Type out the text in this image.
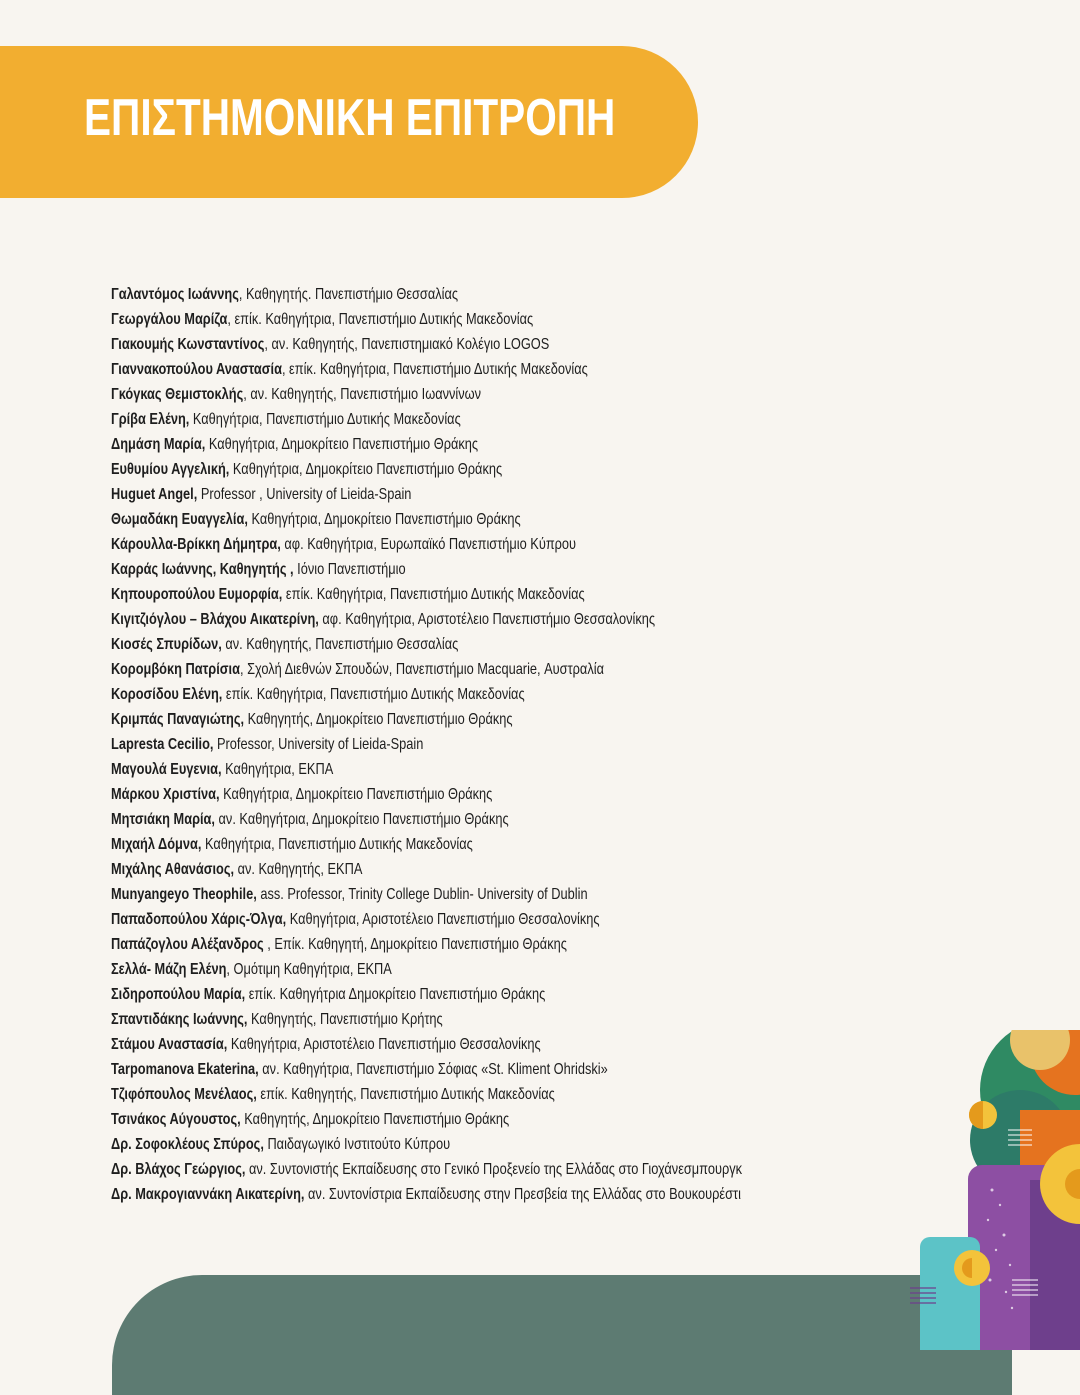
ΕΠΙΣΤΗΜΟΝΙΚΗ ΕΠΙΤΡΟΠΗ
Γαλαντόμος Ιωάννης, Καθηγητής. Πανεπιστήμιο Θεσσαλίας
Γεωργάλου Μαρίζα, επίκ. Καθηγήτρια, Πανεπιστήμιο Δυτικής Μακεδονίας
Γιακουμής Κωνσταντίνος, αν. Καθηγητής, Πανεπιστημιακό Κολέγιο LOGOS
Γιαννακοπούλου Αναστασία, επίκ. Καθηγήτρια, Πανεπιστήμιο Δυτικής Μακεδονίας
Γκόγκας Θεμιστοκλής, αν. Καθηγητής, Πανεπιστήμιο Ιωαννίνων
Γρίβα Ελένη, Καθηγήτρια, Πανεπιστήμιο Δυτικής Μακεδονίας
Δημάση Μαρία, Καθηγήτρια, Δημοκρίτειο Πανεπιστήμιο Θράκης
Ευθυμίου Αγγελική, Καθηγήτρια, Δημοκρίτειο Πανεπιστήμιο Θράκης
Huguet Angel, Professor , University of Lieida-Spain
Θωμαδάκη Ευαγγελία, Καθηγήτρια, Δημοκρίτειο Πανεπιστήμιο Θράκης
Κάρουλλα-Βρίκκη Δήμητρα, αφ. Καθηγήτρια, Ευρωπαϊκό Πανεπιστήμιο Κύπρου
Καρράς Ιωάννης, Καθηγητής , Ιόνιο Πανεπιστήμιο
Κηπουροπούλου Ευμορφία, επίκ. Καθηγήτρια, Πανεπιστήμιο Δυτικής Μακεδονίας
Κιγιτζιόγλου – Βλάχου Αικατερίνη, αφ. Καθηγήτρια, Αριστοτέλειο Πανεπιστήμιο Θεσσαλονίκης
Κιοσές Σπυρίδων, αν. Καθηγητής, Πανεπιστήμιο Θεσσαλίας
Κορομβόκη Πατρίσια, Σχολή Διεθνών Σπουδών, Πανεπιστήμιο Macquarie, Αυστραλία
Κοροσίδου Ελένη, επίκ. Καθηγήτρια, Πανεπιστήμιο Δυτικής Μακεδονίας
Κριμπάς Παναγιώτης, Καθηγητής, Δημοκρίτειο Πανεπιστήμιο Θράκης
Lapresta Cecilio, Professor, University of Lieida-Spain
Μαγουλά Ευγενια, Καθηγήτρια, ΕΚΠΑ
Μάρκου Χριστίνα, Καθηγήτρια, Δημοκρίτειο Πανεπιστήμιο Θράκης
Μητσιάκη Μαρία, αν. Καθηγήτρια, Δημοκρίτειο Πανεπιστήμιο Θράκης
Μιχαήλ Δόμνα, Καθηγήτρια, Πανεπιστήμιο Δυτικής Μακεδονίας
Μιχάλης Αθανάσιος, αν. Καθηγητής, ΕΚΠΑ
Munyangeyo Theophile, ass. Professor, Trinity College Dublin- University of Dublin
Παπαδοπούλου Χάρις-Όλγα, Καθηγήτρια, Αριστοτέλειο Πανεπιστήμιο Θεσσαλονίκης
Παπάζογλου Αλέξανδρος , Επίκ. Καθηγητή, Δημοκρίτειο Πανεπιστήμιο Θράκης
Σελλά- Μάζη Ελένη, Ομότιμη Καθηγήτρια, ΕΚΠΑ
Σιδηροπούλου Μαρία, επίκ. Καθηγήτρια Δημοκρίτειο Πανεπιστήμιο Θράκης
Σπαντιδάκης Ιωάννης, Καθηγητής, Πανεπιστήμιο Κρήτης
Στάμου Αναστασία, Καθηγήτρια, Αριστοτέλειο Πανεπιστήμιο Θεσσαλονίκης
Tarpomanova Ekaterina, αν. Καθηγήτρια, Πανεπιστήμιο Σόφιας «St. Kliment Ohridski»
Τζιφόπουλος Μενέλαος, επίκ. Καθηγητής, Πανεπιστήμιο Δυτικής Μακεδονίας
Τσινάκος Αύγουστος, Καθηγητής, Δημοκρίτειο Πανεπιστήμιο Θράκης
Δρ. Σοφοκλέους Σπύρος, Παιδαγωγικό Ινστιτούτο Κύπρου
Δρ. Βλάχος Γεώργιος, αν. Συντονιστής Εκπαίδευσης στο Γενικό Προξενείο της Ελλάδας στο Γιοχάνεσμπουργκ
Δρ. Μακρογιαννάκη Αικατερίνη, αν. Συντονίστρια Εκπαίδευσης στην Πρεσβεία της Ελλάδας στο Βουκουρέστι
